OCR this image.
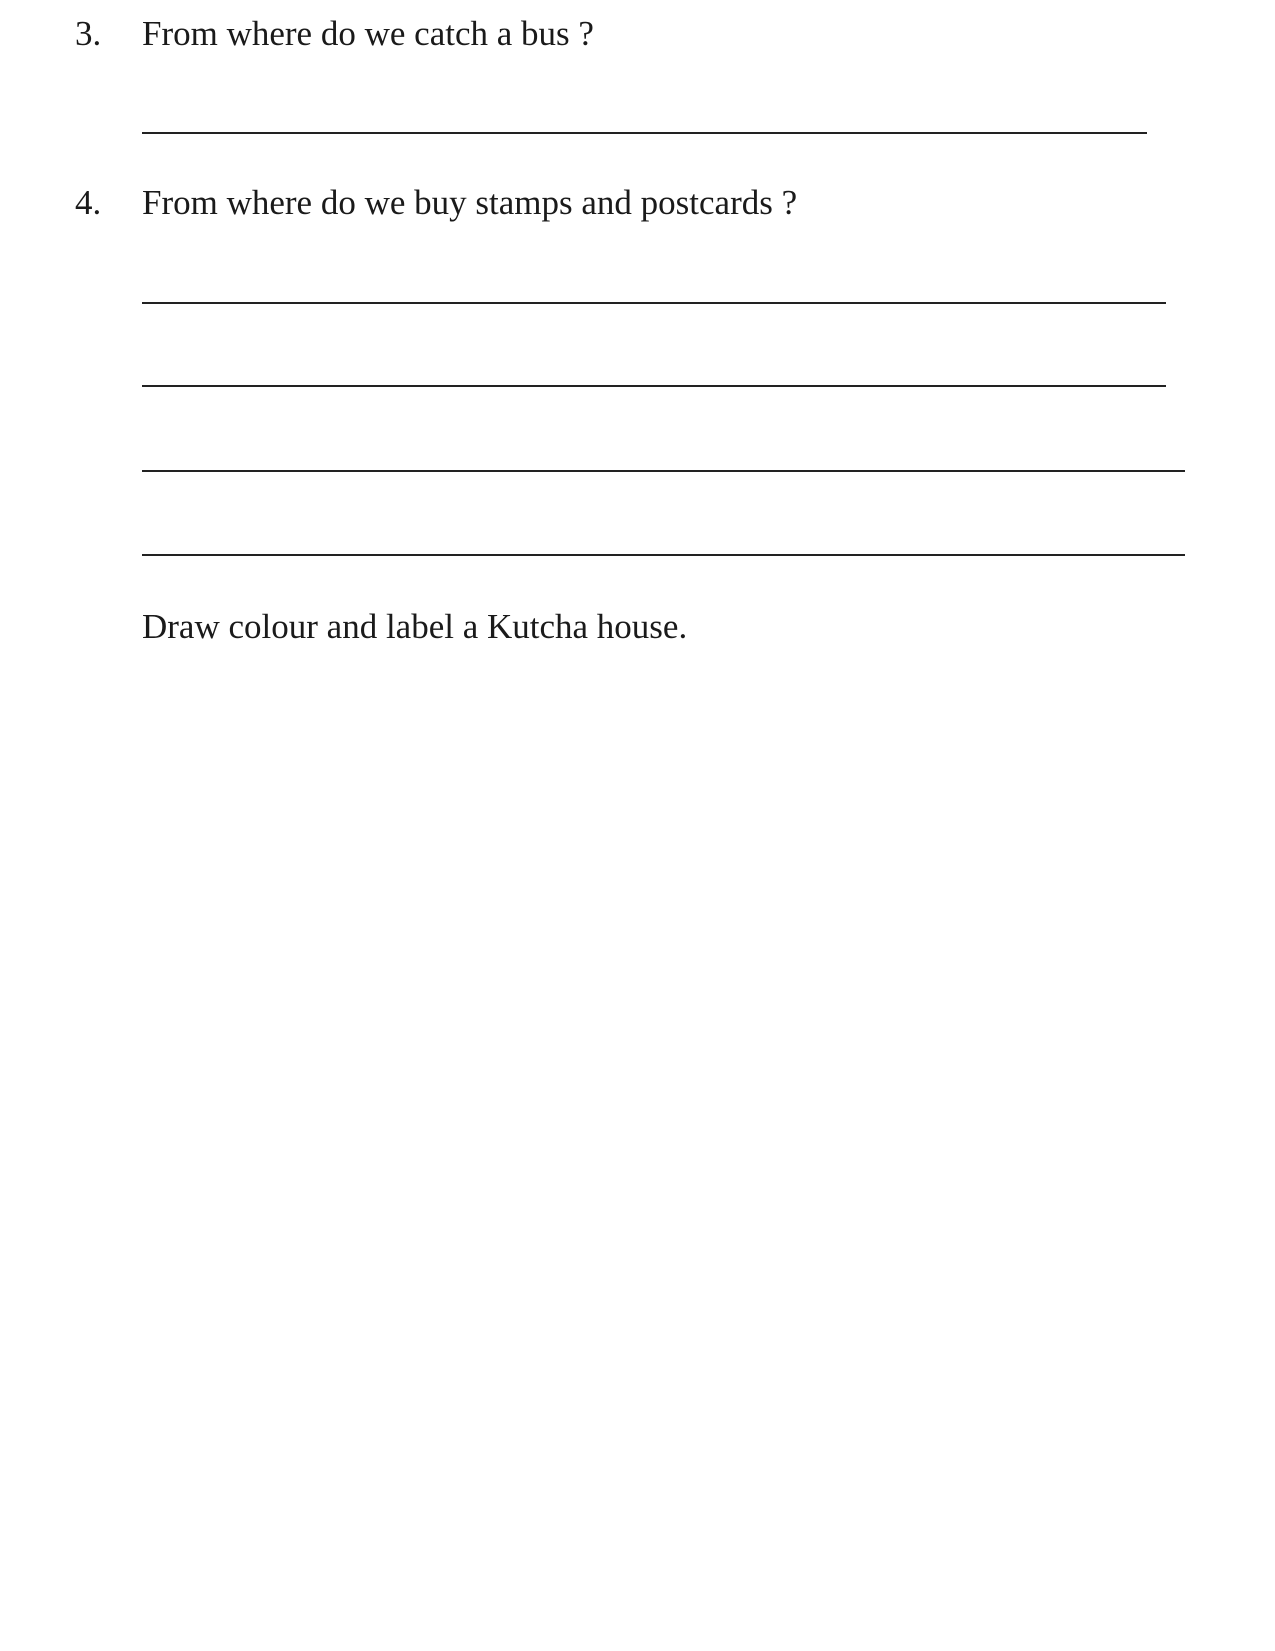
3. From where do we catch a bus ?
4. From where do we buy stamps and postcards ?
Draw colour and label a Kutcha house.
